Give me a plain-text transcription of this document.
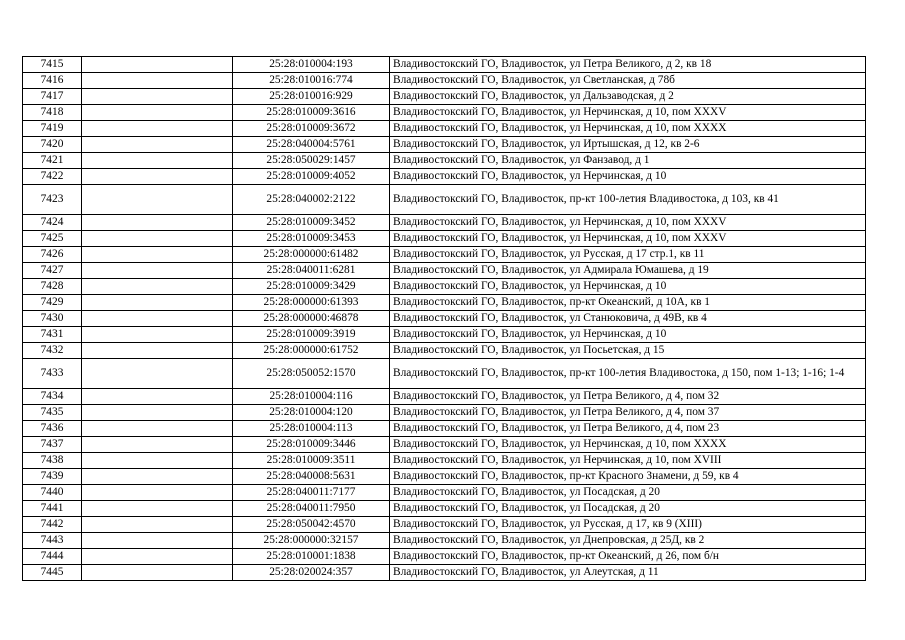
7415		25:28:010004:193	Владивостокский ГО, Владивосток, ул Петра Великого, д 2, кв 18
7416		25:28:010016:774	Владивостокский ГО, Владивосток, ул Светланская, д 78б
7417		25:28:010016:929	Владивостокский ГО, Владивосток, ул Дальзаводская, д 2
7418		25:28:010009:3616	Владивостокский ГО, Владивосток, ул Нерчинская, д 10, пом XXXV
7419		25:28:010009:3672	Владивостокский ГО, Владивосток, ул Нерчинская, д 10, пом XXXX
7420		25:28:040004:5761	Владивостокский ГО, Владивосток, ул Иртышская, д 12, кв 2-6
7421		25:28:050029:1457	Владивостокский ГО, Владивосток, ул Фанзавод, д 1
7422		25:28:010009:4052	Владивостокский ГО, Владивосток, ул Нерчинская, д 10
7423		25:28:040002:2122	Владивостокский ГО, Владивосток, пр-кт 100-летия Владивостока, д 103, кв 41
7424		25:28:010009:3452	Владивостокский ГО, Владивосток, ул Нерчинская, д 10, пом XXXV
7425		25:28:010009:3453	Владивостокский ГО, Владивосток, ул Нерчинская, д 10, пом XXXV
7426		25:28:000000:61482	Владивостокский ГО, Владивосток, ул Русская, д 17 стр.1, кв 11
7427		25:28:040011:6281	Владивостокский ГО, Владивосток, ул Адмирала Юмашева, д 19
7428		25:28:010009:3429	Владивостокский ГО, Владивосток, ул Нерчинская, д 10
7429		25:28:000000:61393	Владивостокский ГО, Владивосток, пр-кт Океанский, д 10А, кв 1
7430		25:28:000000:46878	Владивостокский ГО, Владивосток, ул Станюковича, д 49В, кв 4
7431		25:28:010009:3919	Владивостокский ГО, Владивосток, ул Нерчинская, д 10
7432		25:28:000000:61752	Владивостокский ГО, Владивосток, ул Посьетская, д 15
7433		25:28:050052:1570	Владивостокский ГО, Владивосток, пр-кт 100-летия Владивостока, д 150, пом 1-13; 1-16; 1-4
7434		25:28:010004:116	Владивостокский ГО, Владивосток, ул Петра Великого, д 4, пом 32
7435		25:28:010004:120	Владивостокский ГО, Владивосток, ул Петра Великого, д 4, пом 37
7436		25:28:010004:113	Владивостокский ГО, Владивосток, ул Петра Великого, д 4, пом 23
7437		25:28:010009:3446	Владивостокский ГО, Владивосток, ул Нерчинская, д 10, пом XXXX
7438		25:28:010009:3511	Владивостокский ГО, Владивосток, ул Нерчинская, д 10, пом XVIII
7439		25:28:040008:5631	Владивостокский ГО, Владивосток, пр-кт Красного Знамени, д 59, кв 4
7440		25:28:040011:7177	Владивостокский ГО, Владивосток, ул Посадская, д 20
7441		25:28:040011:7950	Владивостокский ГО, Владивосток, ул Посадская, д 20
7442		25:28:050042:4570	Владивостокский ГО, Владивосток, ул Русская, д 17, кв 9 (XIII)
7443		25:28:000000:32157	Владивостокский ГО, Владивосток, ул Днепровская, д 25Д, кв 2
7444		25:28:010001:1838	Владивостокский ГО, Владивосток, пр-кт Океанский, д 26, пом б/н
7445		25:28:020024:357	Владивостокский ГО, Владивосток, ул Алеутская, д 11
